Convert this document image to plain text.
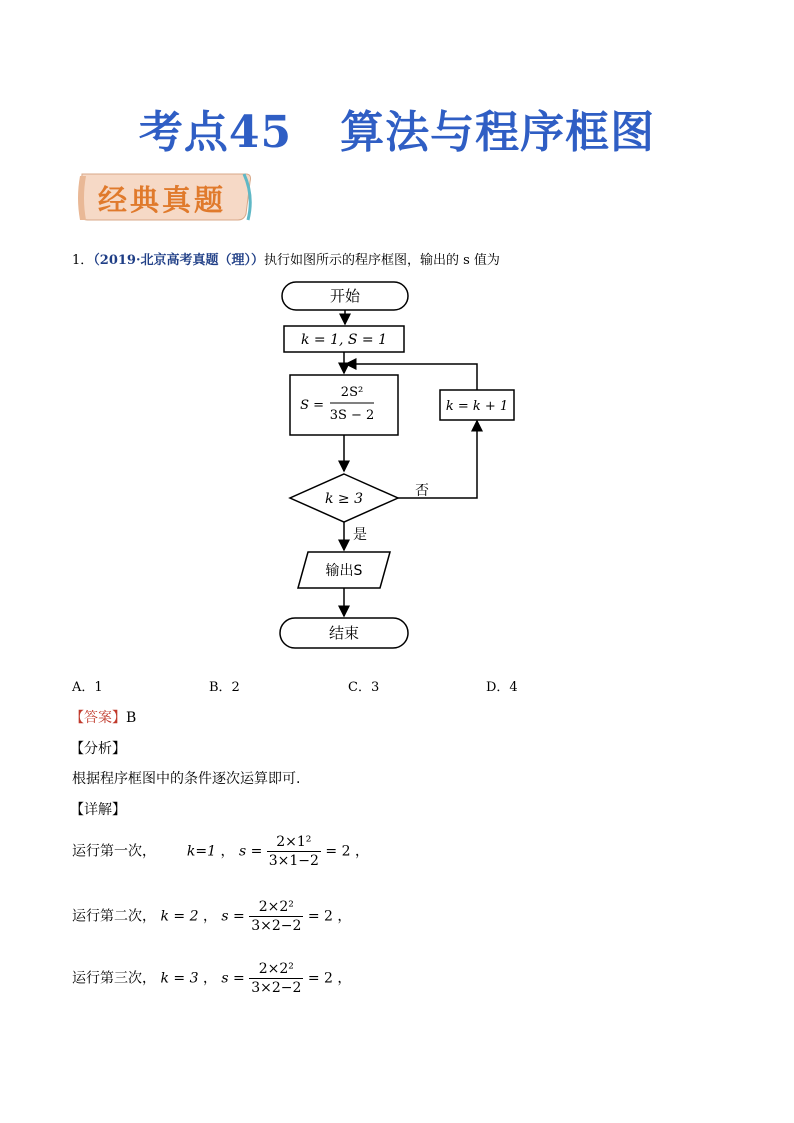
考点45 算法与程序框图
经典真题
1．（2019·北京高考真题（理））执行如图所示的程序框图，输出的 s 值为
开始
k = 1, S = 1
S =
2S²
3S − 2
k ≥ 3	否
k = k + 1
是
输出S
结束
A．1	B．2	C．3	D．4
【答案】B
【分析】
根据程序框图中的条件逐次运算即可.
【详解】
运行第一次， k=1 ， $s = \frac{\text{2×1²}}{3\times 1-2} = 2$ ，
运行第二次， k = 2 ， $s = \frac{\text{2×2²}}{3\times 2-2} = 2$ ，
运行第三次， k = 3 ， $s = \frac{\text{2×2²}}{3\times 2-2} = 2$ ，
